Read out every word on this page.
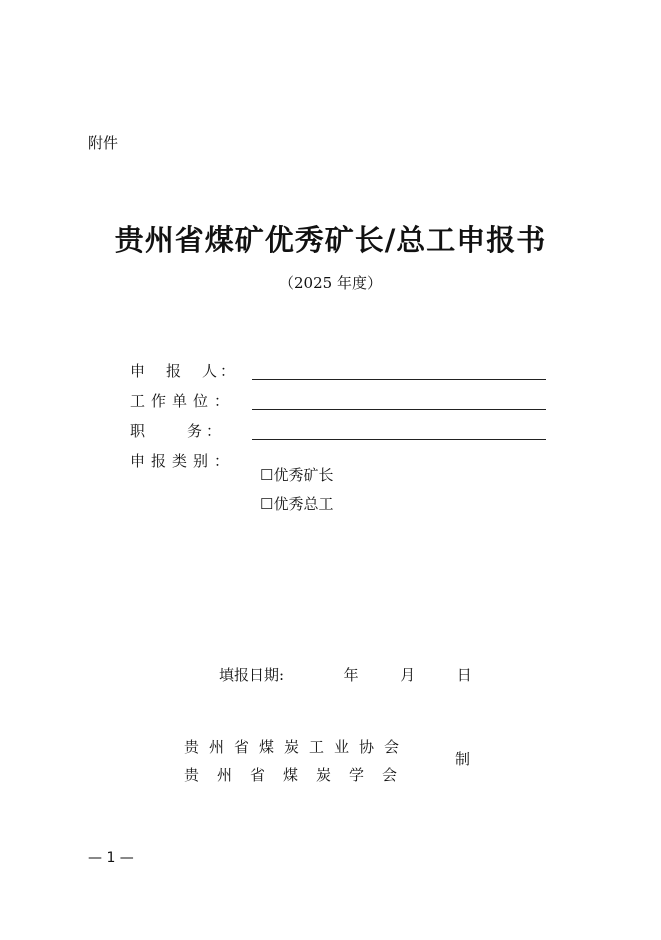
附件
贵州省煤矿优秀矿长/总工申报书
（2025 年度）
申　报　人：
工作单位：
职　　务：
申报类别：
☐优秀矿长
☐优秀总工
填报日期:	年	月	日
贵州省煤炭工业协会
贵州省煤炭学会
制
— 1 —
